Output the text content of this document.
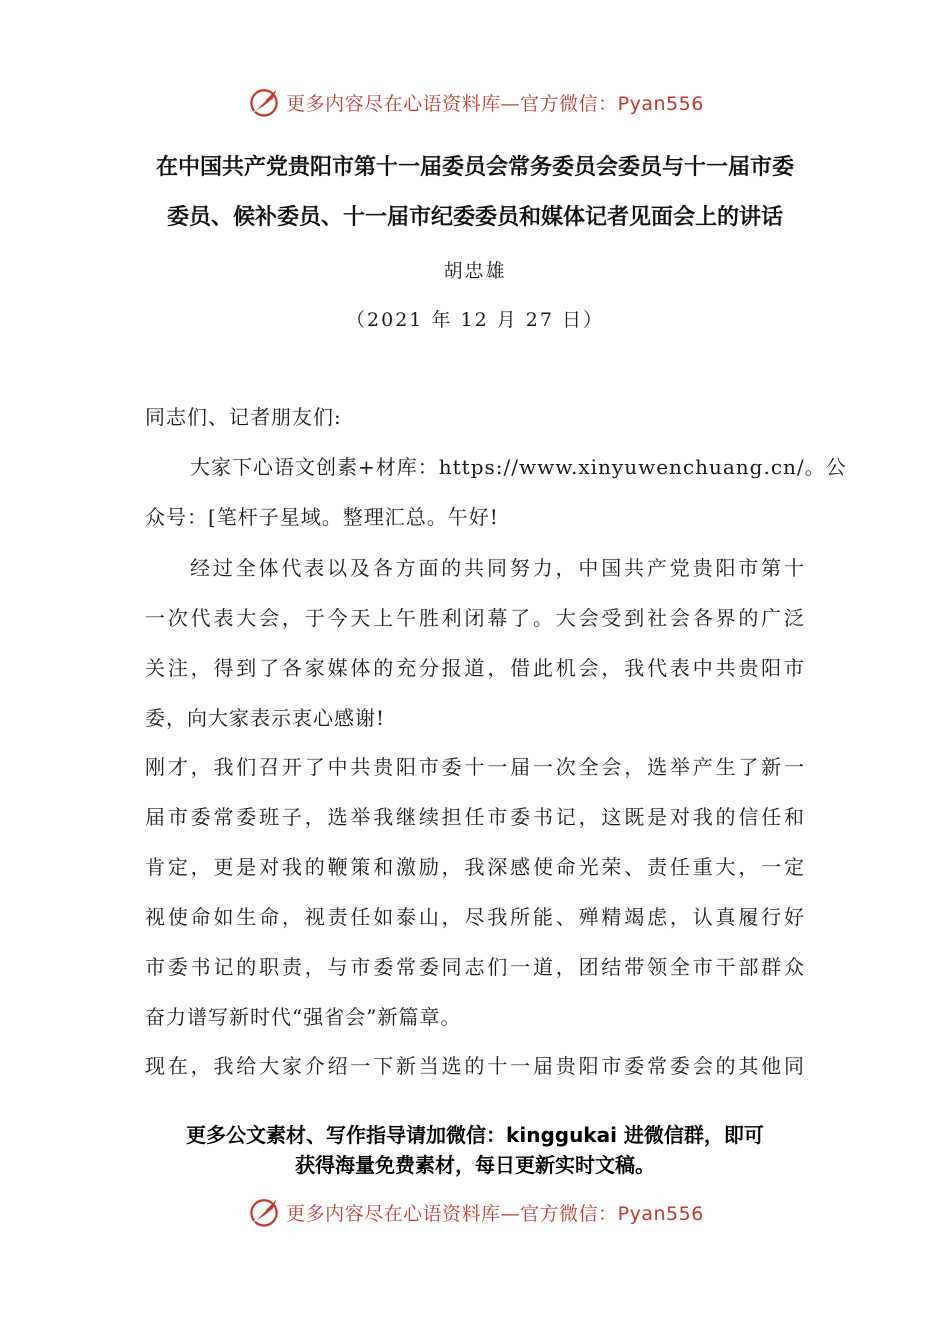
更多内容尽在心语资料库—官方微信：Pyan556
在中国共产党贵阳市第十一届委员会常务委员会委员与十一届市委
委员、候补委员、十一届市纪委委员和媒体记者见面会上的讲话
胡忠雄
（2021 年 12 月 27 日）
同志们、记者朋友们:
大家下心语文创素+材库：https://www.xinyuwenchuang.cn/。公
众号：[笔杆子星域。整理汇总。午好!
经过全体代表以及各方面的共同努力，中国共产党贵阳市第十
一次代表大会，于今天上午胜利闭幕了。大会受到社会各界的广泛
关注，得到了各家媒体的充分报道，借此机会，我代表中共贵阳市
委，向大家表示衷心感谢!
刚才，我们召开了中共贵阳市委十一届一次全会，选举产生了新一
届市委常委班子，选举我继续担任市委书记，这既是对我的信任和
肯定，更是对我的鞭策和激励，我深感使命光荣、责任重大，一定
视使命如生命，视责任如泰山，尽我所能、殚精竭虑，认真履行好
市委书记的职责，与市委常委同志们一道，团结带领全市干部群众
奋力谱写新时代“强省会”新篇章。
现在，我给大家介绍一下新当选的十一届贵阳市委常委会的其他同
更多公文素材、写作指导请加微信：kinggukai 进微信群，即可
获得海量免费素材，每日更新实时文稿。
更多内容尽在心语资料库—官方微信：Pyan556
